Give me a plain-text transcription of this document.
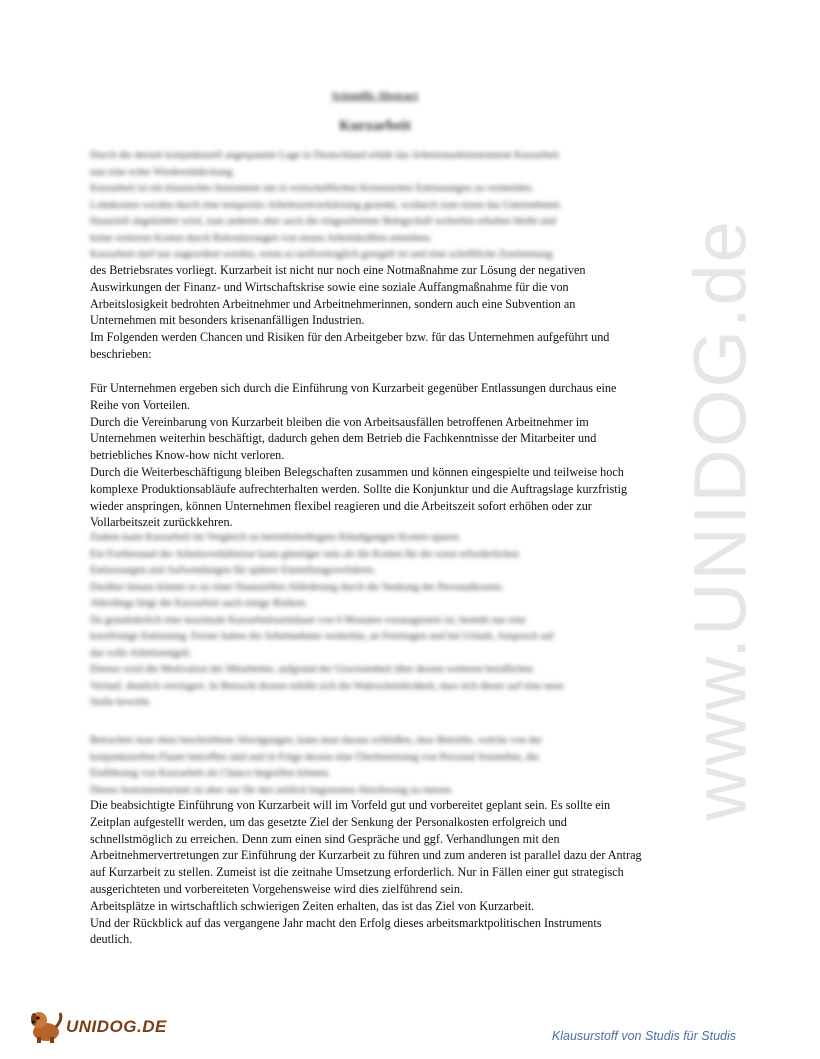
Scientific Abstract
Kurzarbeit

Durch die derzeit konjunkturell angespannte Lage in Deutschland erhält das Arbeitsmarktinstrument Kurzarbeit

nun eine echte Wiederentdeckung.

Kurzarbeit ist ein klassisches Instrument um in wirtschaftlichen Krisenzeiten Entlassungen zu vermeiden.

Lohnkosten werden durch eine temporäre Arbeitszeitverkürzung gesenkt, wodurch zum einen das Unternehmen

finanziell abgeködert wird, zum anderen aber auch die eingearbeitete Belegschaft weiterhin erhalten bleibt und

keine weiteren Kosten durch Rekrutierungen von neuen Arbeitskräften entstehen.

Kurzarbeit darf nur angeordnet werden, wenn es tarifvertraglich geregelt ist und eine schriftliche Zustimmung

des Betriebsrates vorliegt. Kurzarbeit ist nicht nur noch eine Notmaßnahme zur Lösung der negativen

Auswirkungen der Finanz- und Wirtschaftskrise sowie eine soziale Auffangmaßnahme für die von

Arbeitslosigkeit bedrohten Arbeitnehmer und Arbeitnehmerinnen, sondern auch eine Subvention an

Unternehmen mit besonders krisenanfälligen Industrien.

Im Folgenden werden Chancen und Risiken für den Arbeitgeber bzw. für das Unternehmen aufgeführt und

beschrieben:

Für Unternehmen ergeben sich durch die Einführung von Kurzarbeit gegenüber Entlassungen durchaus eine

Reihe von Vorteilen.

Durch die Vereinbarung von Kurzarbeit bleiben die von Arbeitsausfällen betroffenen Arbeitnehmer im

Unternehmen weiterhin beschäftigt, dadurch gehen dem Betrieb die Fachkenntnisse der Mitarbeiter und

betriebliches Know-how nicht verloren.

Durch die Weiterbeschäftigung bleiben Belegschaften zusammen und können eingespielte und teilweise hoch

komplexe Produktionsabläufe aufrechterhalten werden. Sollte die Konjunktur und die Auftragslage kurzfristig

wieder anspringen, können Unternehmen flexibel reagieren und die Arbeitszeit sofort erhöhen oder zur

Vollarbeitszeit zurückkehren.

Zudem kann Kurzarbeit im Vergleich zu betriebsbedingten Kündigungen Kosten sparen.

Ein Fortbestand der Arbeitsverhältnisse kann günstiger sein als die Kosten für die sonst erforderlichen

Entlassungen und Aufwendungen für spätere Einstellungsverfahren.

Darüber hinaus könnte es zu einer finanziellen Abfederung durch die Senkung der Personalkosten.

Allerdings birgt die Kurzarbeit auch einige Risiken.

Da grundsätzlich eine maximale Kurzarbeitszeitdauer von 6 Monaten vorausgesetzt ist, besteht nur eine

kurzfristige Entlastung. Ferner haben die Arbeitnehmer weiterhin, an Feiertagen und bei Urlaub, Anspruch auf

das volle Arbeitsentgelt.

Ebenso wird die Motivation der Mitarbeiter, aufgrund der Unwissenheit über dessen weiteren beruflichen

Verlauf, deutlich verringert. In Betracht dessen erhöht sich die Wahrscheinlichkeit, dass sich dieser auf eine neue

Stelle bewirbt.

Betrachtet man oben beschriebene Abwägungen, kann man daraus schließen, dass Betriebe, welche von der

konjunkturellen Flaute betroffen sind und in Folge dessen eine Überbesetzung von Personal feststellen, die

Einführung von Kurzarbeit als Chance begreifen können.

Dieses Instrumentarium ist aber nur für den zeitlich begrenzten Abschwung zu nutzen.

Die beabsichtigte Einführung von Kurzarbeit will im Vorfeld gut und vorbereitet geplant sein. Es sollte ein

Zeitplan aufgestellt werden, um das gesetzte Ziel der Senkung der Personalkosten erfolgreich und

schnellstmöglich zu erreichen. Denn zum einen sind Gespräche und ggf. Verhandlungen mit den

Arbeitnehmervertretungen zur Einführung der Kurzarbeit zu führen und zum anderen ist parallel dazu der Antrag

auf Kurzarbeit zu stellen. Zumeist ist die zeitnahe Umsetzung erforderlich. Nur in Fällen einer gut strategisch

ausgerichteten und vorbereiteten Vorgehensweise wird dies zielführend sein.

Arbeitsplätze in wirtschaftlich schwierigen Zeiten erhalten, das ist das Ziel von Kurzarbeit.

Und der Rückblick auf das vergangene Jahr macht den Erfolg dieses arbeitsmarktpolitischen Instruments

deutlich.

www.UNIDOG.de
UNIDOG.DE	Klausurstoff von Studis für Studis
